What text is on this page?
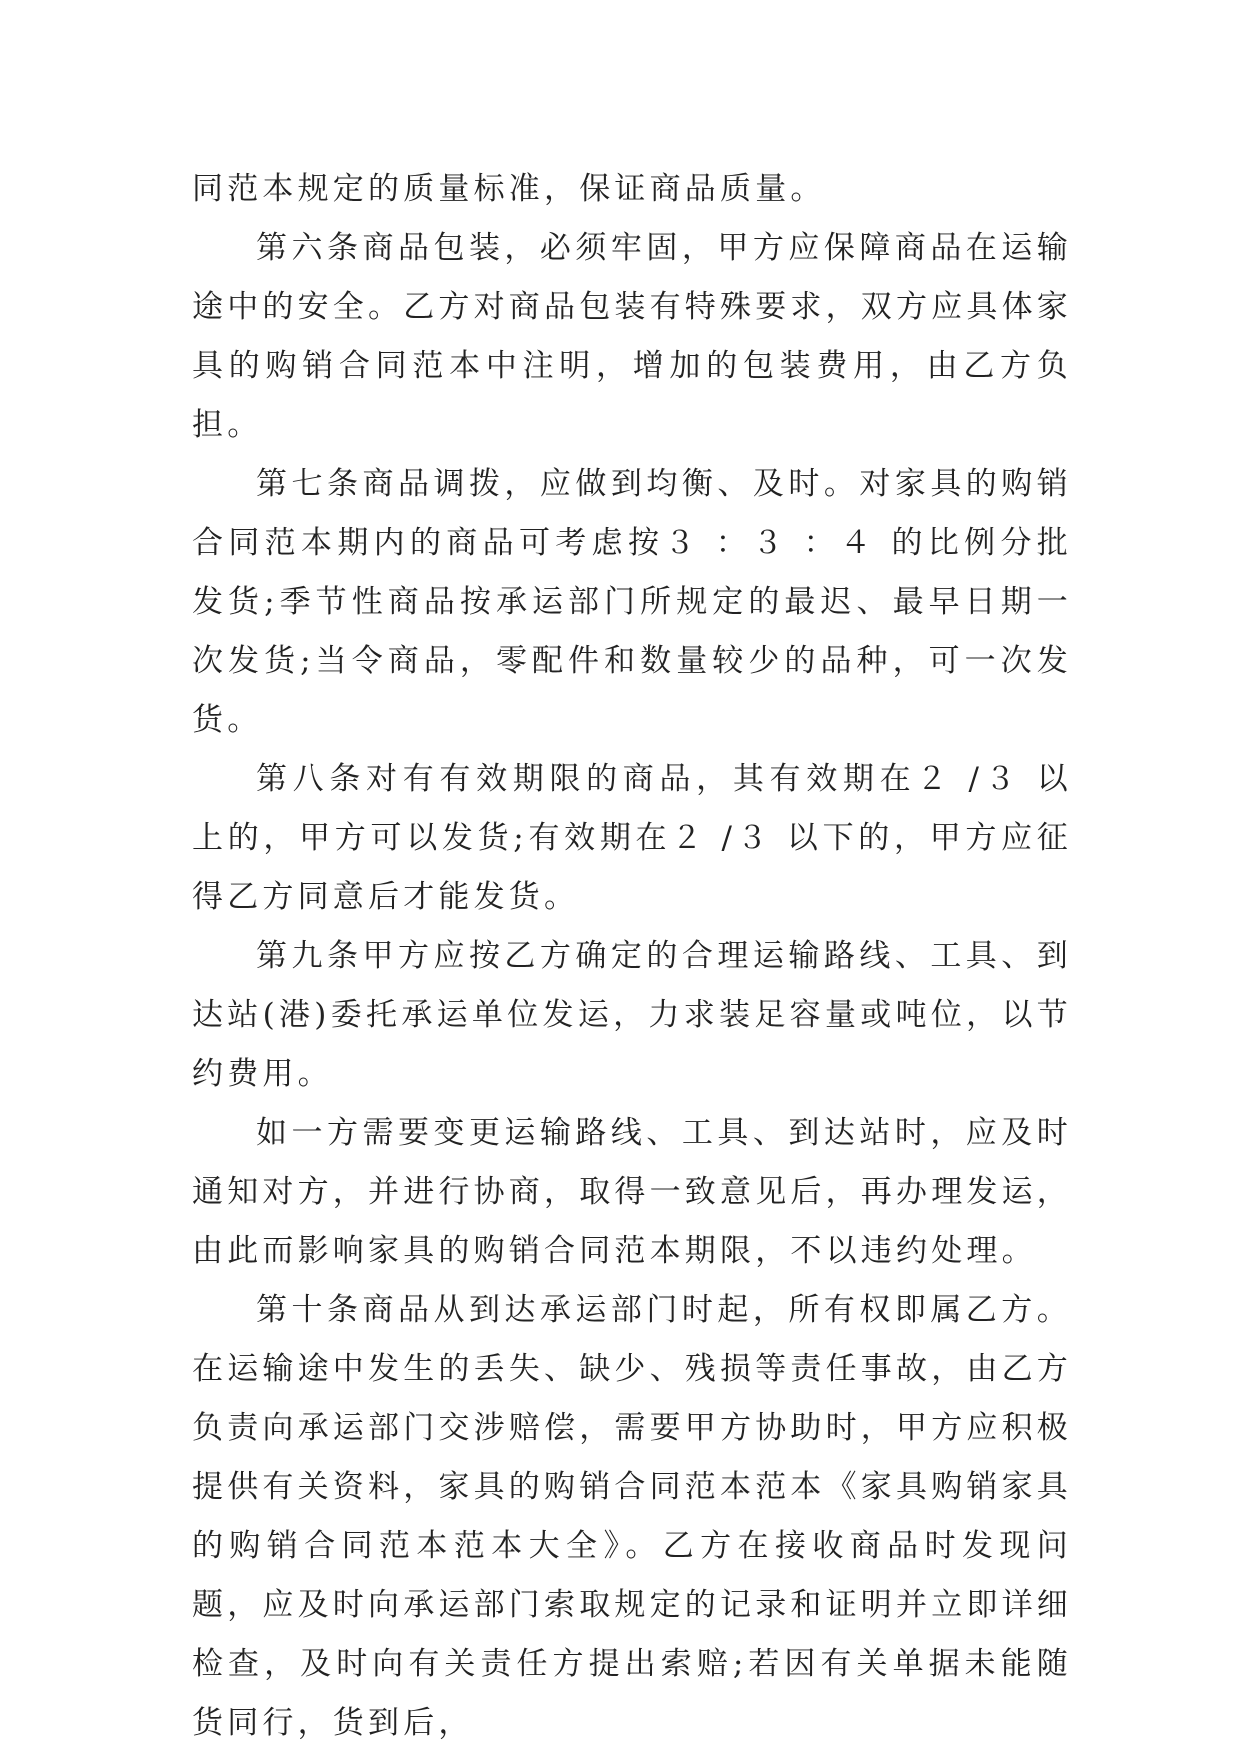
同范本规定的质量标准，保证商品质量。

第六条商品包装，必须牢固，甲方应保障商品在运输途中的安全。乙方对商品包装有特殊要求，双方应具体家具的购销合同范本中注明，增加的包装费用，由乙方负担。

第七条商品调拨，应做到均衡、及时。对家具的购销合同范本期内的商品可考虑按３ ：３ ：４ 的比例分批发货;季节性商品按承运部门所规定的最迟、最早日期一次发货;当令商品，零配件和数量较少的品种，可一次发货。

第八条对有有效期限的商品，其有效期在２ /３ 以上的，甲方可以发货;有效期在２ /３ 以下的，甲方应征得乙方同意后才能发货。

第九条甲方应按乙方确定的合理运输路线、工具、到达站(港)委托承运单位发运，力求装足容量或吨位，以节约费用。

如一方需要变更运输路线、工具、到达站时，应及时通知对方，并进行协商，取得一致意见后，再办理发运，由此而影响家具的购销合同范本期限，不以违约处理。

第十条商品从到达承运部门时起，所有权即属乙方。在运输途中发生的丢失、缺少、残损等责任事故，由乙方负责向承运部门交涉赔偿，需要甲方协助时，甲方应积极提供有关资料，家具的购销合同范本范本《家具购销家具的购销合同范本范本大全》。乙方在接收商品时发现问题，应及时向承运部门索取规定的记录和证明并立即详细检查，及时向有关责任方提出索赔;若因有关单据未能随货同行，货到后，
